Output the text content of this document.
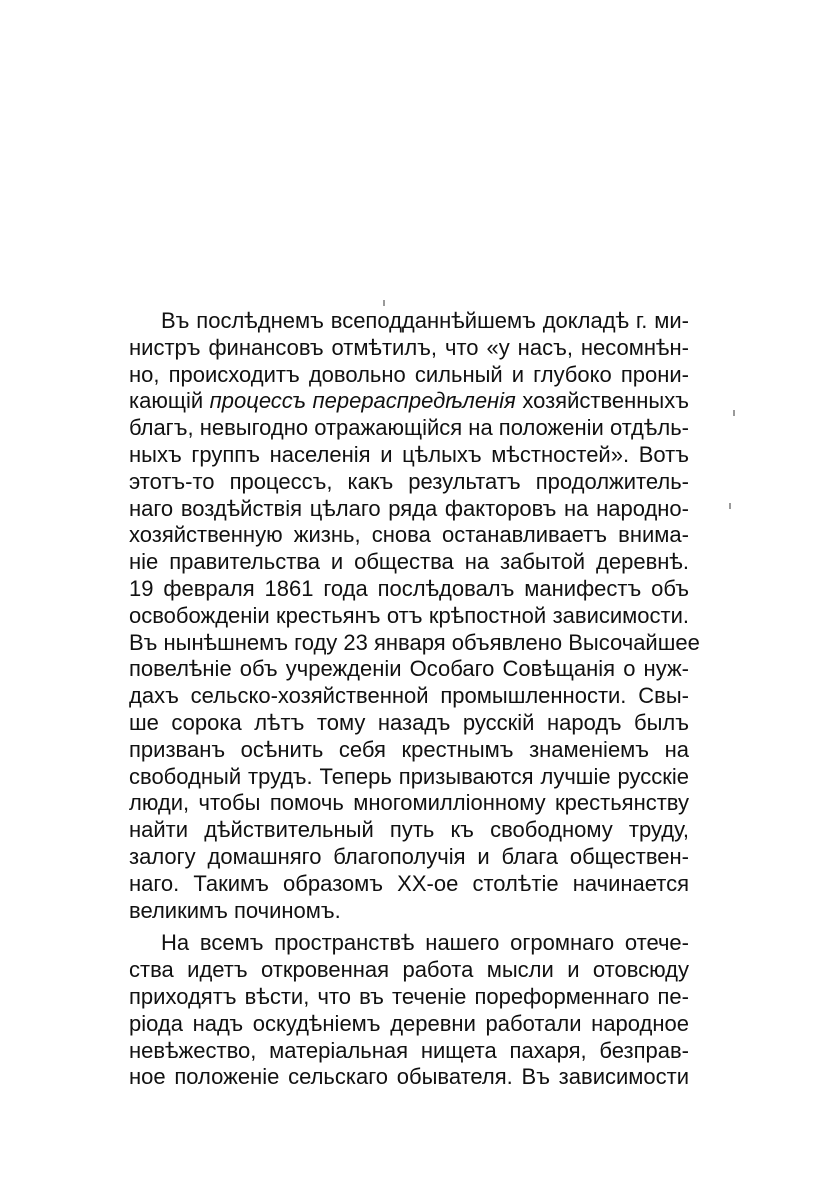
Въ послѣднемъ всеподданнѣйшемъ докладѣ г. ми-
нистръ финансовъ отмѣтилъ, что «у насъ, несомнѣн-
но, происходитъ довольно сильный и глубоко прони-
кающій процессъ перераспредѣленія хозяйственныхъ
благъ, невыгодно отражающійся на положеніи отдѣль-
ныхъ группъ населенія и цѣлыхъ мѣстностей». Вотъ
этотъ-то процессъ, какъ результатъ продолжитель-
наго воздѣйствія цѣлаго ряда факторовъ на народно-
хозяйственную жизнь, снова останавливаетъ внима-
ніе правительства и общества на забытой деревнѣ.
19 февраля 1861 года послѣдовалъ манифестъ объ
освобожденіи крестьянъ отъ крѣпостной зависимости.
Въ нынѣшнемъ году 23 января объявлено Высочайшее
повелѣніе объ учрежденіи Особаго Совѣщанія о нуж-
дахъ сельско-хозяйственной промышленности. Свы-
ше сорока лѣтъ тому назадъ русскій народъ былъ
призванъ осѣнить себя крестнымъ знаменіемъ на
свободный трудъ. Теперь призываются лучшіе русскіе
люди, чтобы помочь многомилліонному крестьянству
найти дѣйствительный путь къ свободному труду,
залогу домашняго благополучія и блага обществен-
наго. Такимъ образомъ XX-ое столѣтіе начинается
великимъ починомъ.
На всемъ пространствѣ нашего огромнаго отече-
ства идетъ откровенная работа мысли и отовсюду
приходятъ вѣсти, что въ теченіе пореформеннаго пе-
ріода надъ оскудѣніемъ деревни работали народное
невѣжество, матеріальная нищета пахаря, безправ-
ное положеніе сельскаго обывателя. Въ зависимости
